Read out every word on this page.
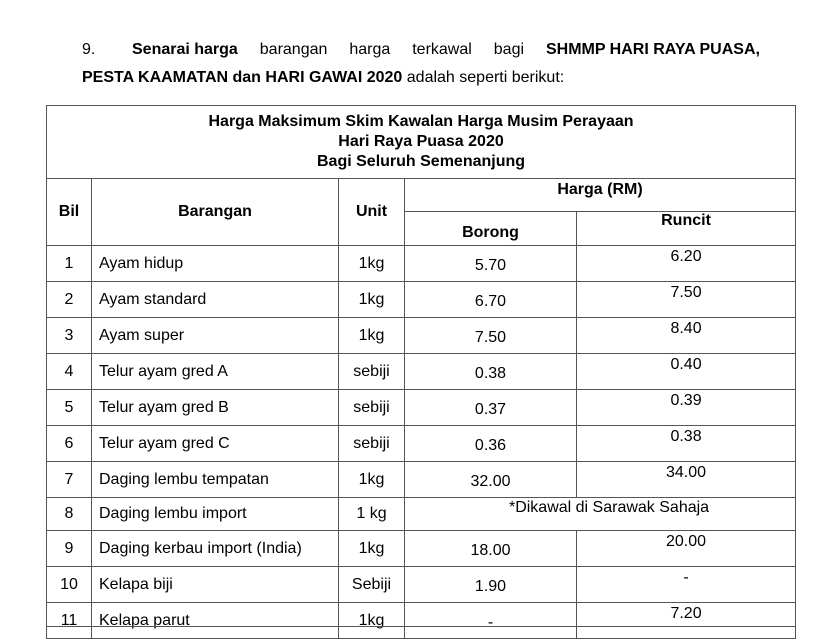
9. Senarai harga barangan harga terkawal bagi SHMMP HARI RAYA PUASA,
PESTA KAAMATAN dan HARI GAWAI 2020 adalah seperti berikut:
Harga Maksimum Skim Kawalan Harga Musim Perayaan
Hari Raya Puasa 2020
Bagi Seluruh Semenanjung				

Bil	Barangan	Unit	Harga (RM)	
			Borong	Runcit
1	Ayam hidup	1kg	5.70	6.20
2	Ayam standard	1kg	6.70	7.50
3	Ayam super	1kg	7.50	8.40
4	Telur ayam gred A	sebiji	0.38	0.40
5	Telur ayam gred B	sebiji	0.37	0.39
6	Telur ayam gred C	sebiji	0.36	0.38
7	Daging lembu tempatan	1kg	32.00	34.00
8	Daging lembu import	1 kg	*Dikawal di Sarawak Sahaja	
9	Daging kerbau import (India)	1kg	18.00	20.00
10	Kelapa biji	Sebiji	1.90	-
11	Kelapa parut	1kg	-	7.20
